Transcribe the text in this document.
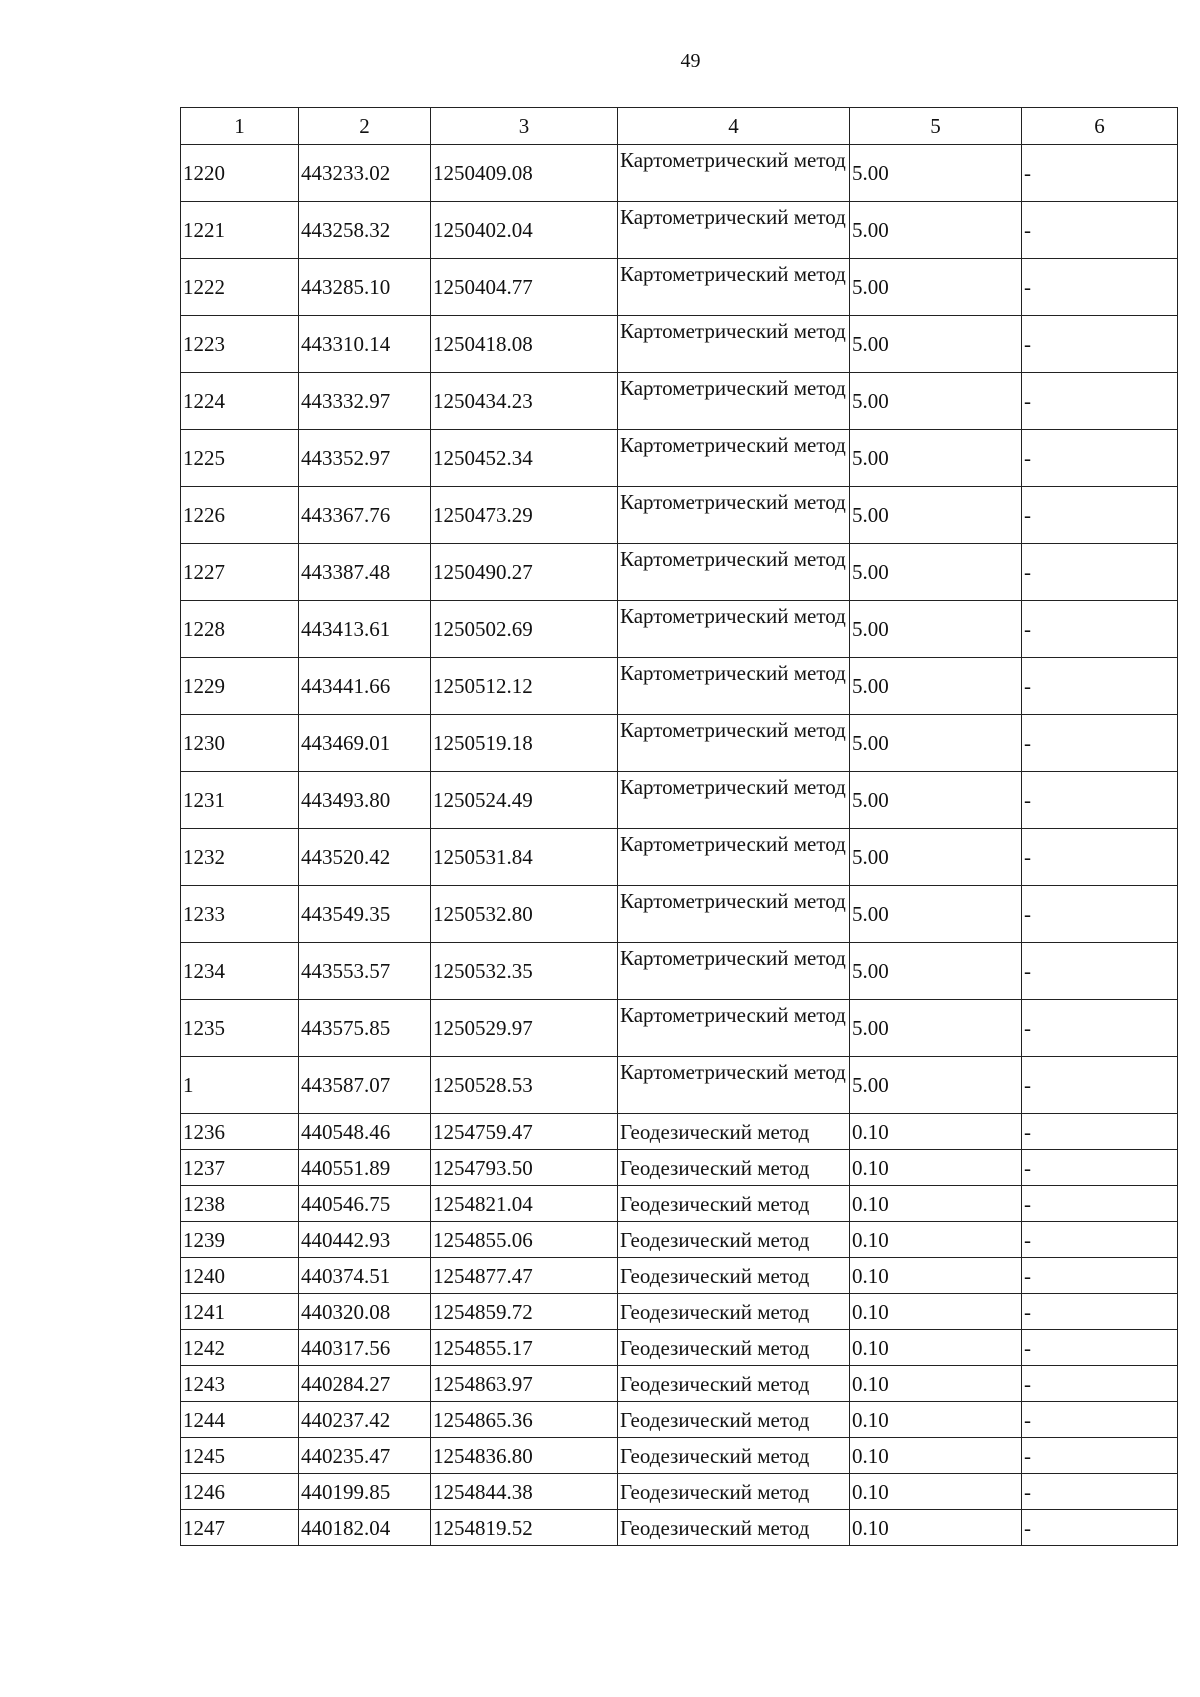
49
1	2	3	4	5	6
1220	443233.02	1250409.08	Картометрический метод	5.00	-
1221	443258.32	1250402.04	Картометрический метод	5.00	-
1222	443285.10	1250404.77	Картометрический метод	5.00	-
1223	443310.14	1250418.08	Картометрический метод	5.00	-
1224	443332.97	1250434.23	Картометрический метод	5.00	-
1225	443352.97	1250452.34	Картометрический метод	5.00	-
1226	443367.76	1250473.29	Картометрический метод	5.00	-
1227	443387.48	1250490.27	Картометрический метод	5.00	-
1228	443413.61	1250502.69	Картометрический метод	5.00	-
1229	443441.66	1250512.12	Картометрический метод	5.00	-
1230	443469.01	1250519.18	Картометрический метод	5.00	-
1231	443493.80	1250524.49	Картометрический метод	5.00	-
1232	443520.42	1250531.84	Картометрический метод	5.00	-
1233	443549.35	1250532.80	Картометрический метод	5.00	-
1234	443553.57	1250532.35	Картометрический метод	5.00	-
1235	443575.85	1250529.97	Картометрический метод	5.00	-
1	443587.07	1250528.53	Картометрический метод	5.00	-
1236	440548.46	1254759.47	Геодезический метод	0.10	-
1237	440551.89	1254793.50	Геодезический метод	0.10	-
1238	440546.75	1254821.04	Геодезический метод	0.10	-
1239	440442.93	1254855.06	Геодезический метод	0.10	-
1240	440374.51	1254877.47	Геодезический метод	0.10	-
1241	440320.08	1254859.72	Геодезический метод	0.10	-
1242	440317.56	1254855.17	Геодезический метод	0.10	-
1243	440284.27	1254863.97	Геодезический метод	0.10	-
1244	440237.42	1254865.36	Геодезический метод	0.10	-
1245	440235.47	1254836.80	Геодезический метод	0.10	-
1246	440199.85	1254844.38	Геодезический метод	0.10	-
1247	440182.04	1254819.52	Геодезический метод	0.10	-
